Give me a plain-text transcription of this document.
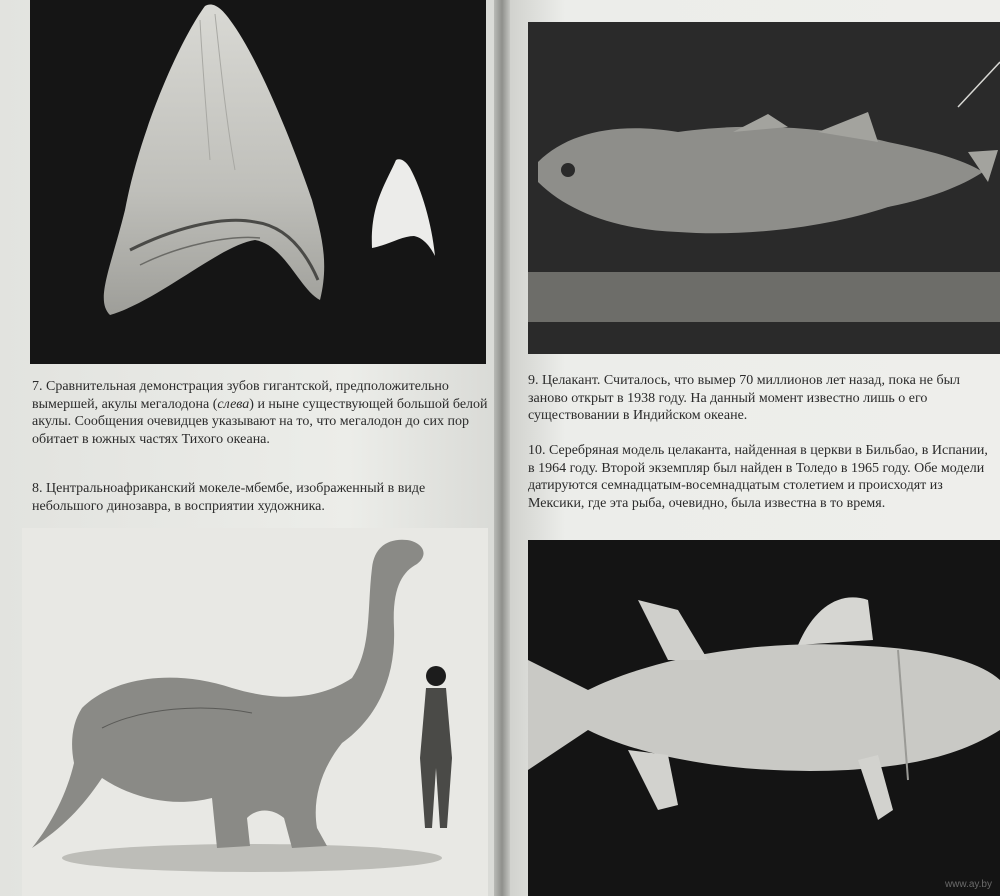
7. Сравнительная демонстрация зубов гигантской, предположительно вымершей, акулы мегалодона (слева) и ныне существующей большой белой акулы. Сообщения очевидцев указывают на то, что мегалодон до сих пор обитает в южных частях Тихого океана.

8. Центральноафриканский мокеле-мбембе, изображенный в виде небольшого динозавра, в восприятии художника.

9. Целакант. Считалось, что вымер 70 миллионов лет назад, пока не был заново открыт в 1938 году. На данный момент известно лишь о его существовании в Индийском океане.

10. Серебряная модель целаканта, найденная в церкви в Бильбао, в Испании, в 1964 году. Второй экземпляр был найден в Толедо в 1965 году. Обе модели датируются семнадцатым-восемнадцатым столетием и происходят из Мексики, где эта рыба, очевидно, была известна в то время.

www.ay.by
